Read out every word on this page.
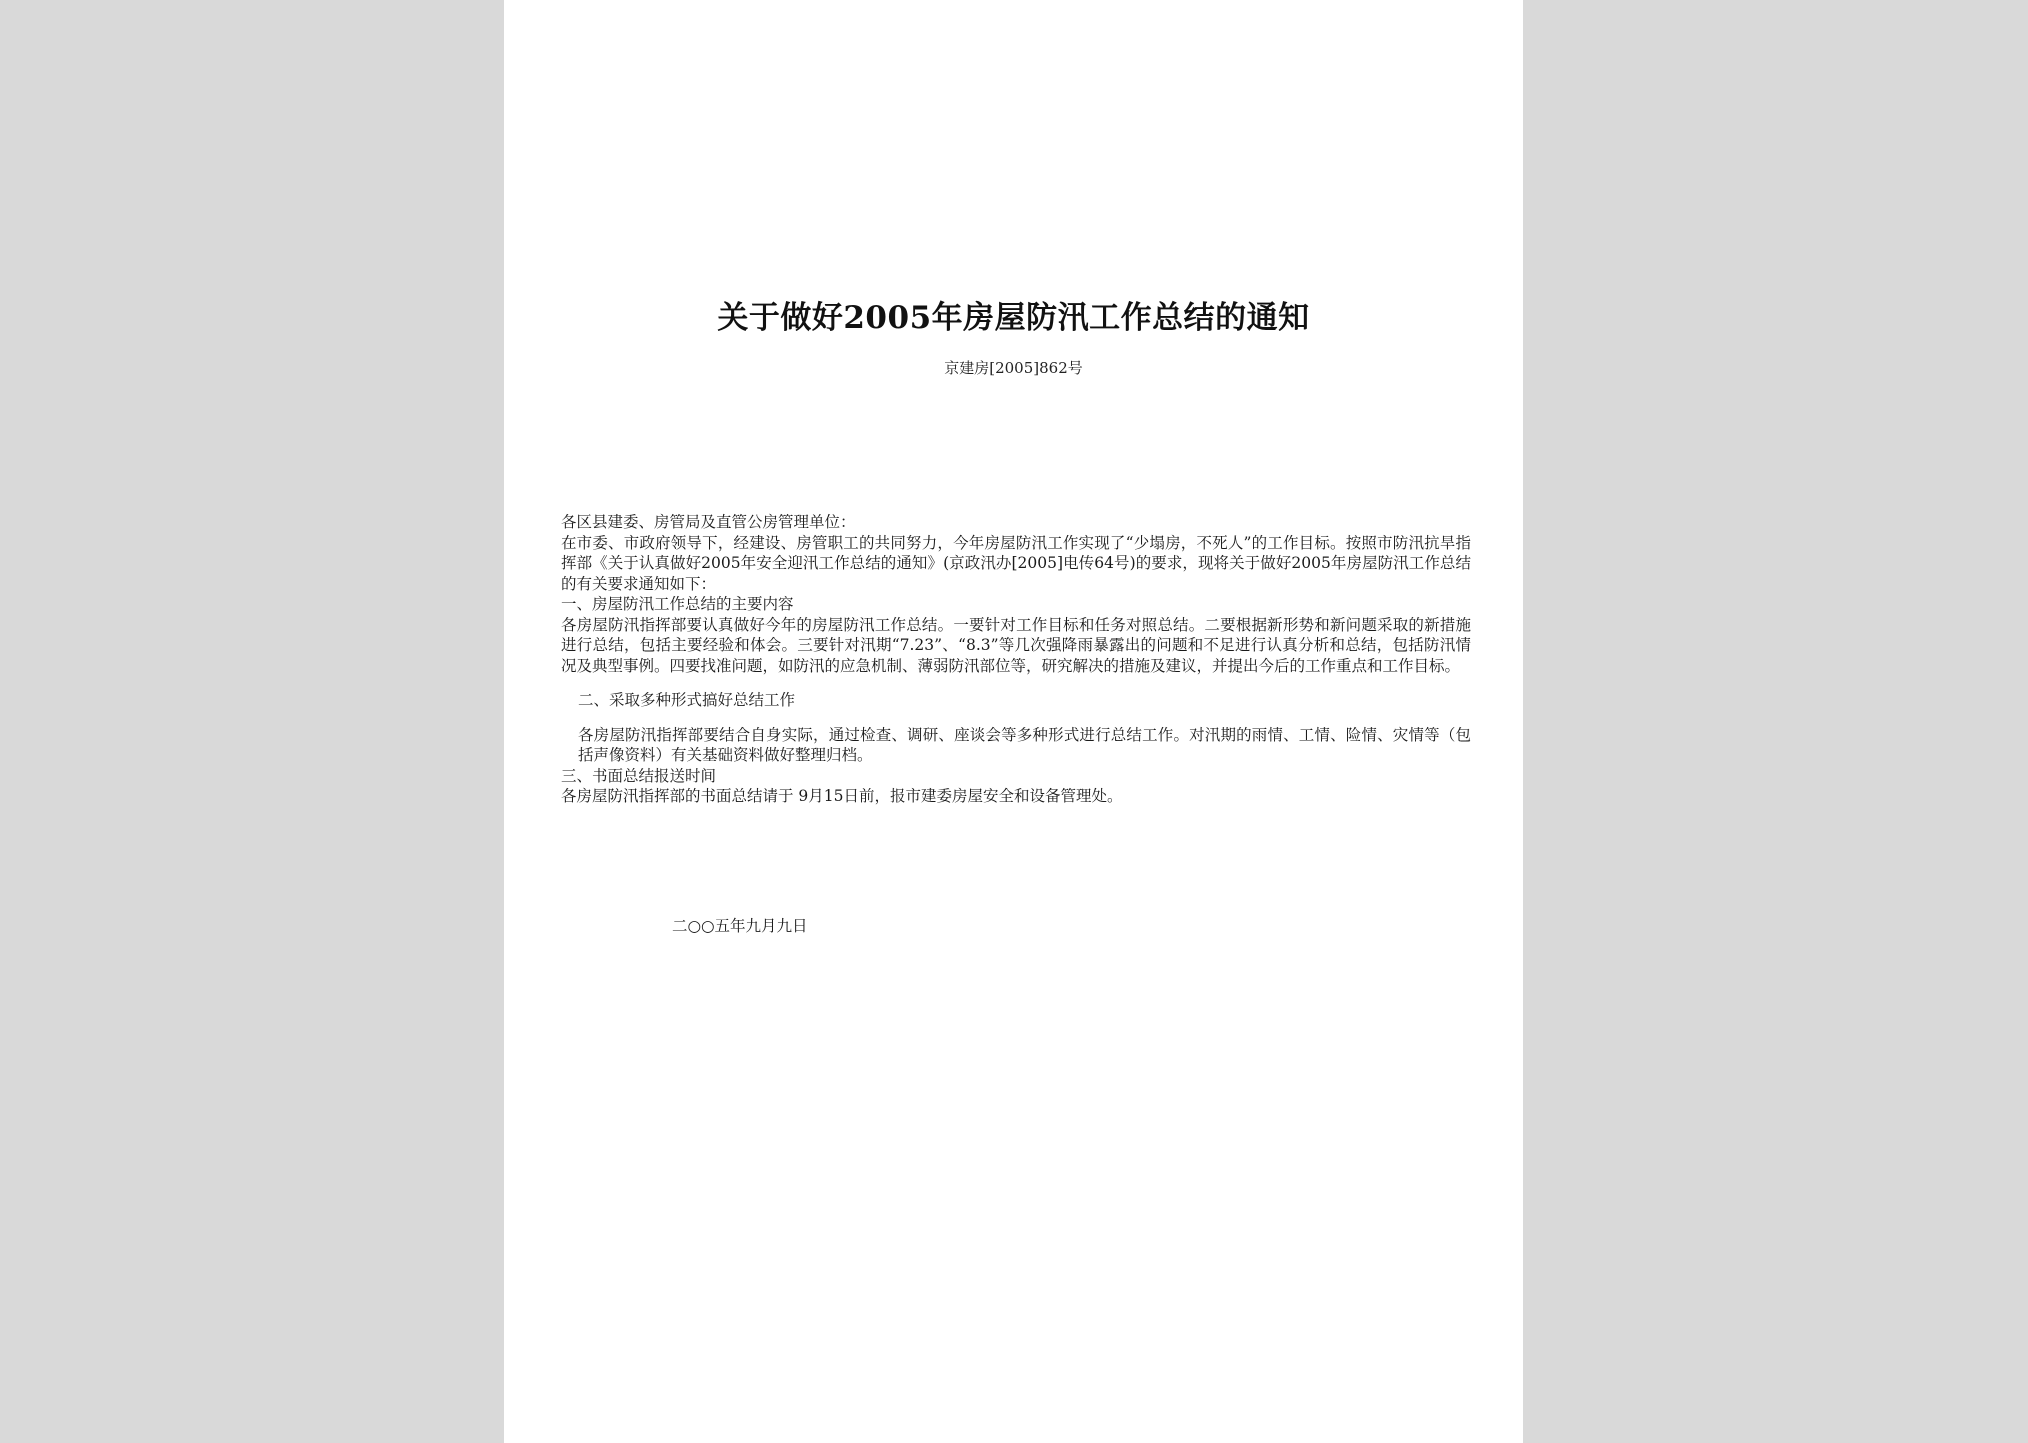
关于做好2005年房屋防汛工作总结的通知
京建房[2005]862号

各区县建委、房管局及直管公房管理单位：

在市委、市政府领导下，经建设、房管职工的共同努力，今年房屋防汛工作实现了“少塌房，不死人”的工作目标。按照市防汛抗旱指挥部《关于认真做好2005年安全迎汛工作总结的通知》(京政汛办[2005]电传64号)的要求，现将关于做好2005年房屋防汛工作总结的有关要求通知如下：

一、房屋防汛工作总结的主要内容

各房屋防汛指挥部要认真做好今年的房屋防汛工作总结。一要针对工作目标和任务对照总结。二要根据新形势和新问题采取的新措施进行总结，包括主要经验和体会。三要针对汛期“7.23”、“8.3”等几次强降雨暴露出的问题和不足进行认真分析和总结，包括防汛情况及典型事例。四要找准问题，如防汛的应急机制、薄弱防汛部位等，研究解决的措施及建议，并提出今后的工作重点和工作目标。

二、采取多种形式搞好总结工作

各房屋防汛指挥部要结合自身实际，通过检查、调研、座谈会等多种形式进行总结工作。对汛期的雨情、工情、险情、灾情等（包括声像资料）有关基础资料做好整理归档。

三、书面总结报送时间

各房屋防汛指挥部的书面总结请于 9月15日前，报市建委房屋安全和设备管理处。

二○○五年九月九日
